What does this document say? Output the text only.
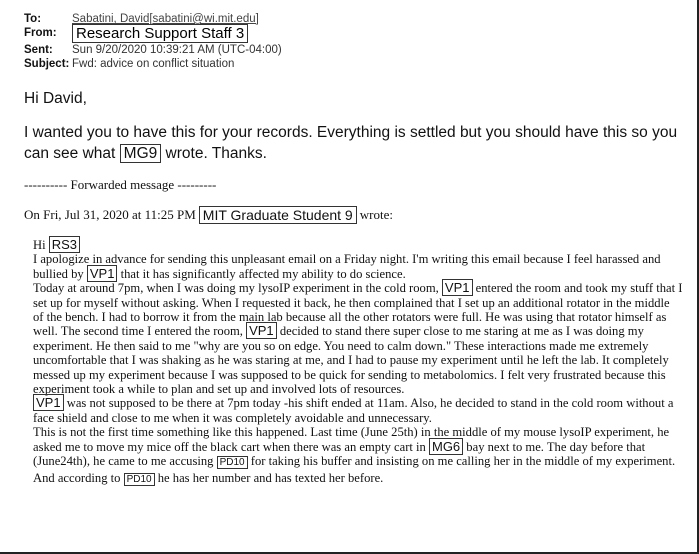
To:	Sabatini, David[sabatini@wi.mit.edu]
From:	Research Support Staff 3
Sent:	Sun 9/20/2020 10:39:21 AM (UTC-04:00)
Subject: Fwd: advice on conflict situation
Hi David,
I wanted you to have this for your records. Everything is settled but you should have this so you can see what MG9 wrote. Thanks.
---------- Forwarded message ---------
On Fri, Jul 31, 2020 at 11:25 PM MIT Graduate Student 9 wrote:

Hi RS3

I apologize in advance for sending this unpleasant email on a Friday night. I'm writing this email because I feel harassed and bullied by VP1 that it has significantly affected my ability to do science.

Today at around 7pm, when I was doing my lysoIP experiment in the cold room, VP1 entered the room and took my stuff that I set up for myself without asking. When I requested it back, he then complained that I set up an additional rotator in the middle of the bench. I had to borrow it from the main lab because all the other rotators were full. He was using that rotator himself as well. The second time I entered the room, VP1 decided to stand there super close to me staring at me as I was doing my experiment. He then said to me "why are you so on edge. You need to calm down." These interactions made me extremely uncomfortable that I was shaking as he was staring at me, and I had to pause my experiment until he left the lab. It completely messed up my experiment because I was supposed to be quick for sending to metabolomics. I felt very frustrated because this experiment took a while to plan and set up and involved lots of resources.

VP1 was not supposed to be there at 7pm today -his shift ended at 11am. Also, he decided to stand in the cold room without a face shield and close to me when it was completely avoidable and unnecessary.

This is not the first time something like this happened. Last time (June 25th) in the middle of my mouse lysoIP experiment, he asked me to move my mice off the black cart when there was an empty cart in MG6 bay next to me. The day before that (June24th), he came to me accusing PD10 for taking his buffer and insisting on me calling her in the middle of my experiment. And according to PD10 he has her number and has texted her before.
